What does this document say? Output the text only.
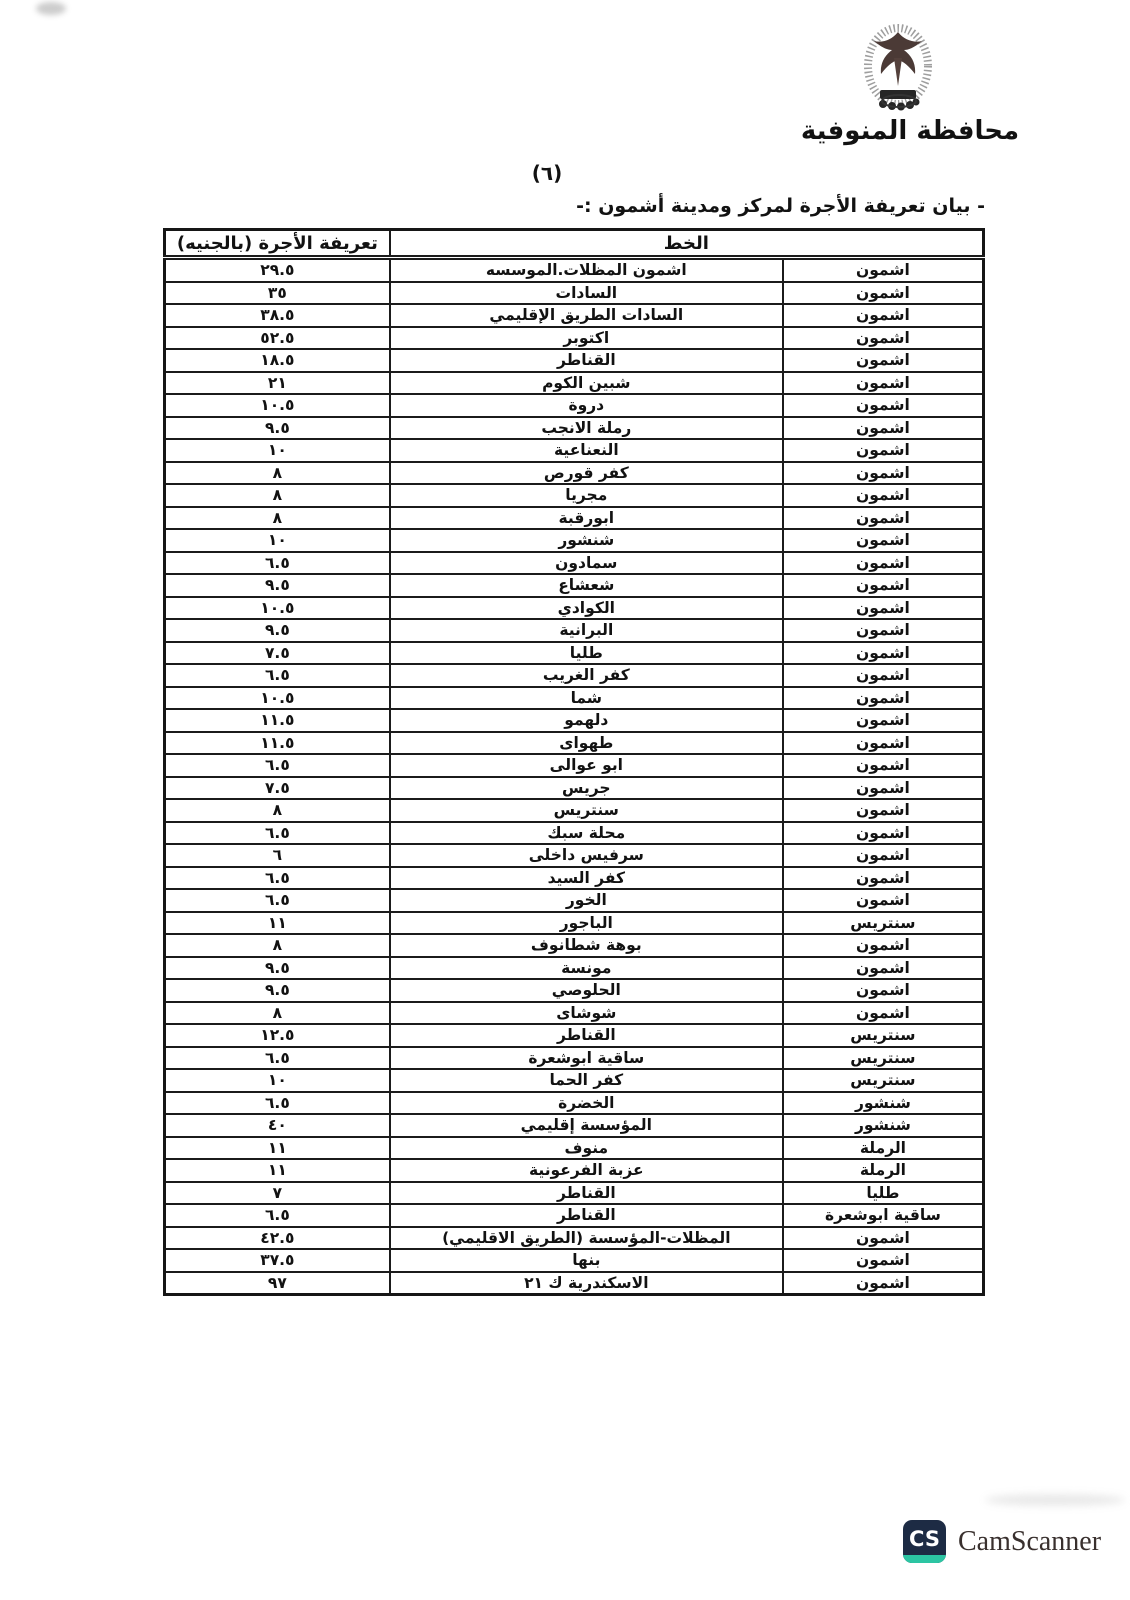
محافظة المنوفية
(٦)
- بيان تعريفة الأجرة لمركز ومدينة أشمون :-
الخط		تعريفة الأجرة (بالجنيه)
اشمون	اشمون المظلات.الموسسه	٢٩.٥
اشمون	السادات	٣٥
اشمون	السادات الطريق الإقليمي	٣٨.٥
اشمون	اكتوبر	٥٢.٥
اشمون	القناطر	١٨.٥
اشمون	شبين الكوم	٢١
اشمون	دروة	١٠.٥
اشمون	رملة الانجب	٩.٥
اشمون	النعناعية	١٠
اشمون	كفر قورص	٨
اشمون	مجريا	٨
اشمون	ابورقبة	٨
اشمون	شنشور	١٠
اشمون	سمادون	٦.٥
اشمون	شعشاع	٩.٥
اشمون	الكوادي	١٠.٥
اشمون	البرانية	٩.٥
اشمون	طليا	٧.٥
اشمون	كفر الغريب	٦.٥
اشمون	شما	١٠.٥
اشمون	دلهمو	١١.٥
اشمون	طهواى	١١.٥
اشمون	ابو عوالى	٦.٥
اشمون	جريس	٧.٥
اشمون	سنتريس	٨
اشمون	محلة سبك	٦.٥
اشمون	سرفيس داخلى	٦
اشمون	كفر السيد	٦.٥
اشمون	الخور	٦.٥
سنتريس	الباجور	١١
اشمون	بوهة شطانوف	٨
اشمون	مونسة	٩.٥
اشمون	الحلوصي	٩.٥
اشمون	شوشاى	٨
سنتريس	القناطر	١٢.٥
سنتريس	ساقية ابوشعرة	٦.٥
سنتريس	كفر الحما	١٠
شنشور	الخضرة	٦.٥
شنشور	المؤسسة إقليمي	٤٠
الرملة	منوف	١١
الرملة	عزبة الفرعونية	١١
طليا	القناطر	٧
ساقية ابوشعرة	القناطر	٦.٥
اشمون	المظلات-المؤسسة (الطريق الاقليمي)	٤٢.٥
اشمون	بنها	٣٧.٥
اشمون	الاسكندرية ك ٢١	٩٧
CS CamScanner
